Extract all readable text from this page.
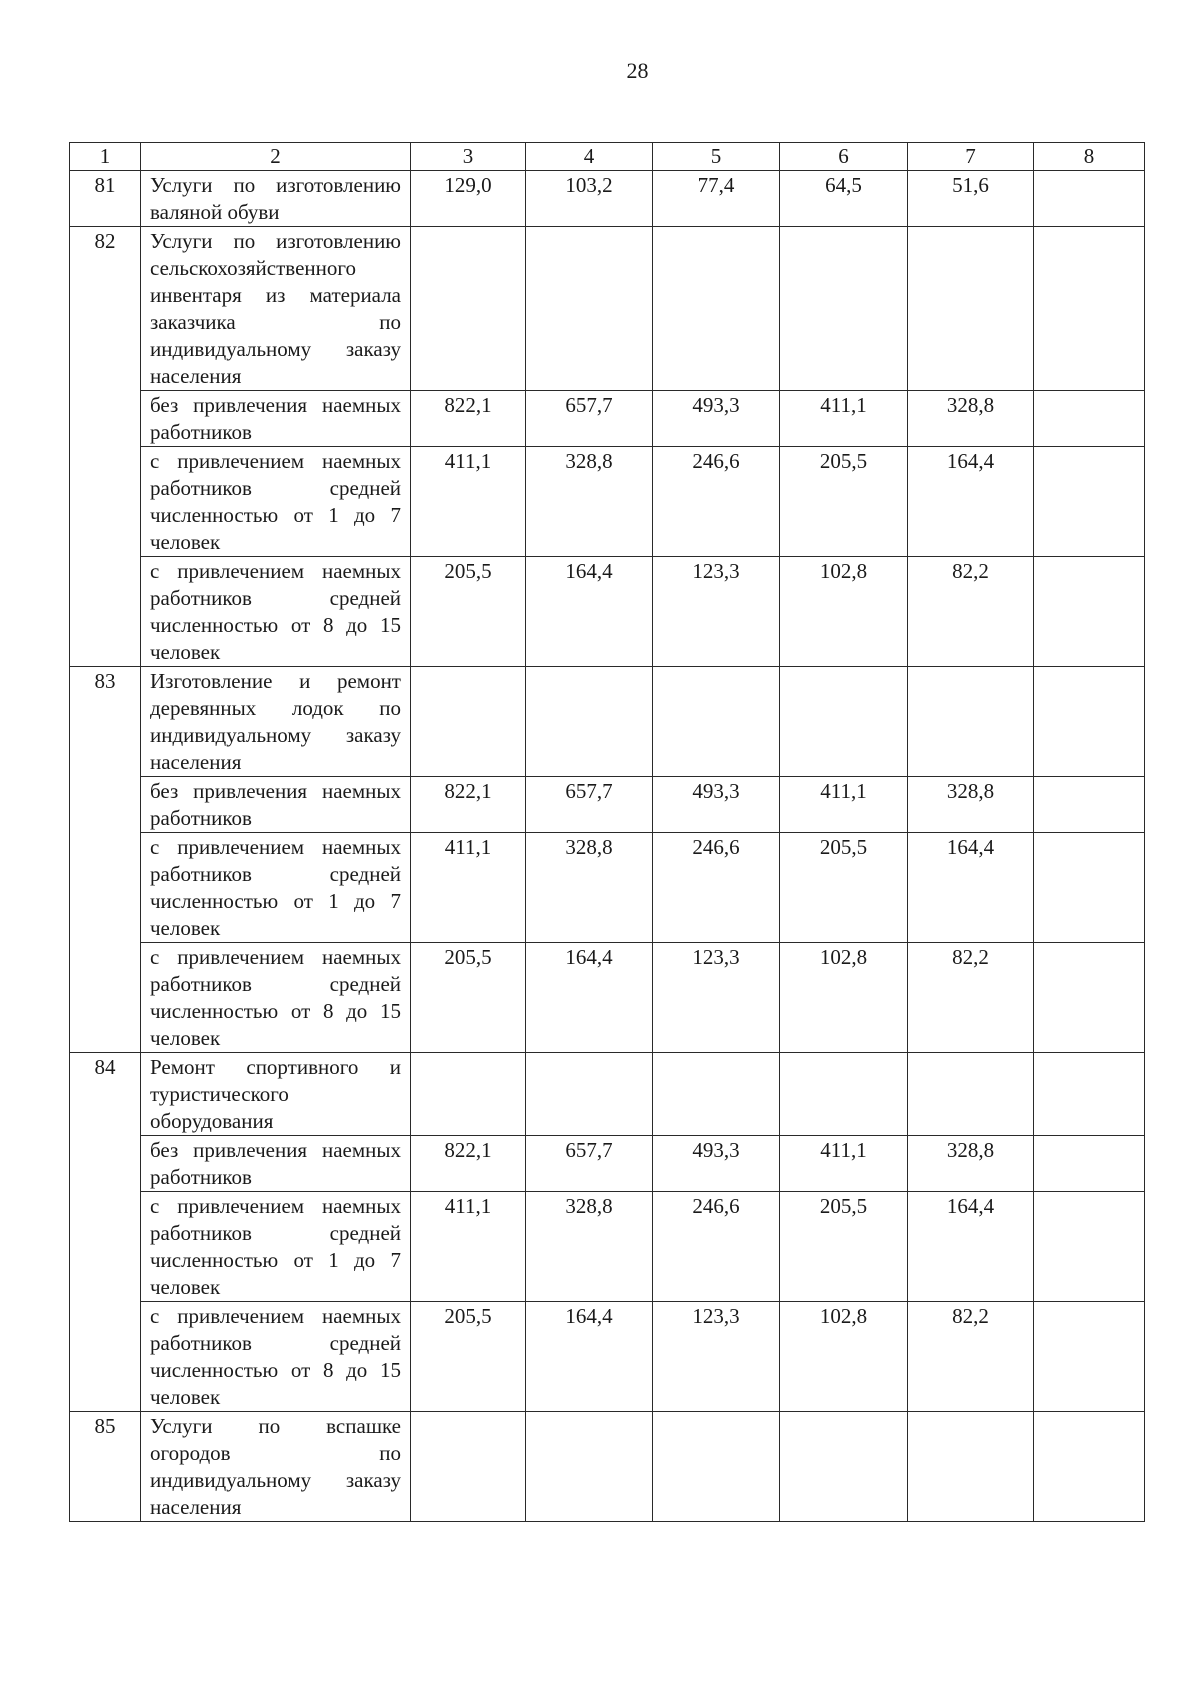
28
1	2	3	4	5	6	7	8
81	Услуги по изготовлению валяной обуви	129,0	103,2	77,4	64,5	51,6	
82	Услуги по изготовлению сельскохозяйственного инвентаря из материала заказчика по индивидуальному заказу населения						
	без привлечения наемных работников	822,1	657,7	493,3	411,1	328,8	
	с привлечением наемных работников средней численностью от 1 до 7 человек	411,1	328,8	246,6	205,5	164,4	
	с привлечением наемных работников средней численностью от 8 до 15 человек	205,5	164,4	123,3	102,8	82,2	
83	Изготовление и ремонт деревянных лодок по индивидуальному заказу населения						
	без привлечения наемных работников	822,1	657,7	493,3	411,1	328,8	
	с привлечением наемных работников средней численностью от 1 до 7 человек	411,1	328,8	246,6	205,5	164,4	
	с привлечением наемных работников средней численностью от 8 до 15 человек	205,5	164,4	123,3	102,8	82,2	
84	Ремонт спортивного и туристического оборудования						
	без привлечения наемных работников	822,1	657,7	493,3	411,1	328,8	
	с привлечением наемных работников средней численностью от 1 до 7 человек	411,1	328,8	246,6	205,5	164,4	
	с привлечением наемных работников средней численностью от 8 до 15 человек	205,5	164,4	123,3	102,8	82,2	
85	Услуги по вспашке огородов по индивидуальному заказу населения						
